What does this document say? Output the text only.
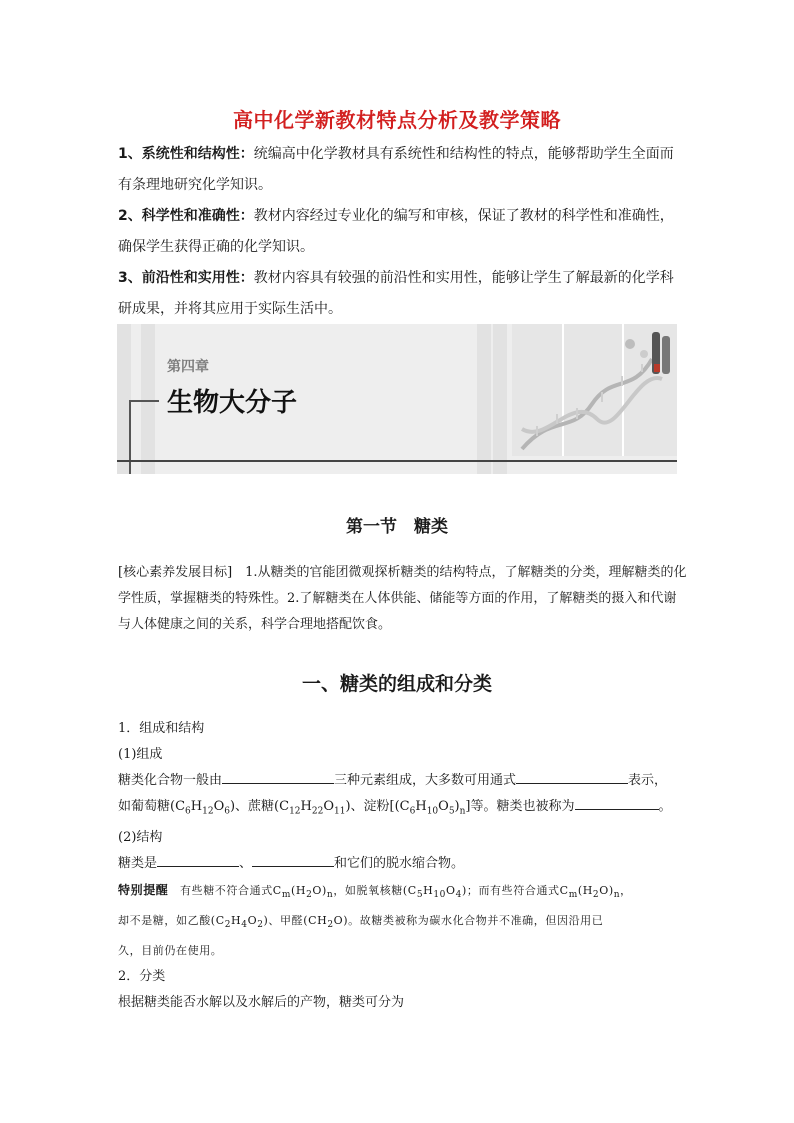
高中化学新教材特点分析及教学策略

1、系统性和结构性：统编高中化学教材具有系统性和结构性的特点，能够帮助学生全面而有条理地研究化学知识。

2、科学性和准确性：教材内容经过专业化的编写和审核，保证了教材的科学性和准确性，确保学生获得正确的化学知识。

3、前沿性和实用性：教材内容具有较强的前沿性和实用性，能够让学生了解最新的化学科研成果，并将其应用于实际生活中。

第四章
生物大分子
第一节　糖类

[核心素养发展目标]　1.从糖类的官能团微观探析糖类的结构特点，了解糖类的分类，理解糖类的化学性质，掌握糖类的特殊性。2.了解糖类在人体供能、储能等方面的作用，了解糖类的摄入和代谢与人体健康之间的关系，科学合理地搭配饮食。

一、糖类的组成和分类

1．组成和结构

(1)组成

糖类化合物一般由	三种元素组成，大多数可用通式	表示，

如葡萄糖$(C_6H_{12}O_6)$、蔗糖$(C_{12}H_{22}O_{11})$、淀粉$[(C_6H_{10}O_5)_n]$等。糖类也被称为	。

(2)结构

糖类是	、	和它们的脱水缩合物。

特别提醒　有些糖不符合通式$C_m(H_2O)_n$，如脱氧核糖$(C_5H_{10}O_4)$；而有些符合通式$C_m(H_2O)_n$，
却不是糖，如乙酸$(C_2H_4O_2)$、甲醛$(CH_2O)$。故糖类被称为碳水化合物并不准确，但因沿用已
久，目前仍在使用。

2．分类

根据糖类能否水解以及水解后的产物，糖类可分为
